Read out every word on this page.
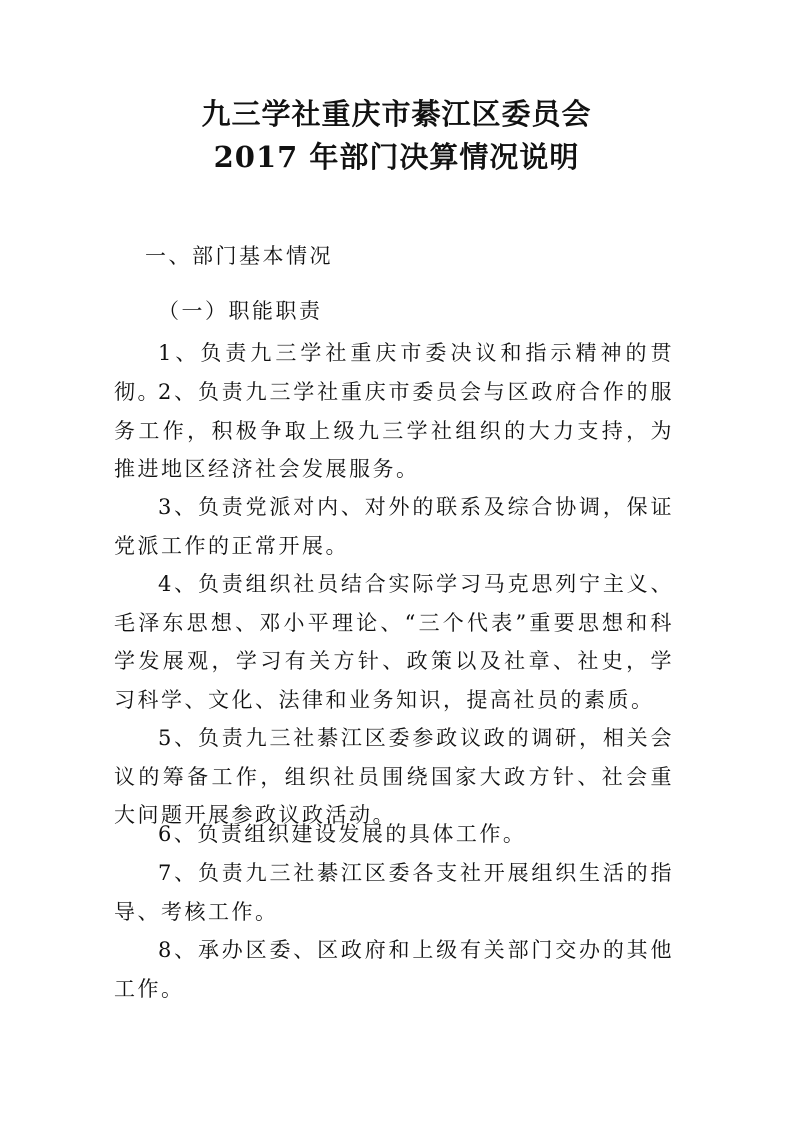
九三学社重庆市綦江区委员会
2017 年部门决算情况说明
一、部门基本情况
（一）职能职责

1、负责九三学社重庆市委决议和指示精神的贯彻。

2、负责九三学社重庆市委员会与区政府合作的服务工作，积极争取上级九三学社组织的大力支持，为推进地区经济社会发展服务。

3、负责党派对内、对外的联系及综合协调，保证党派工作的正常开展。

4、负责组织社员结合实际学习马克思列宁主义、毛泽东思想、邓小平理论、“三个代表”重要思想和科学发展观，学习有关方针、政策以及社章、社史，学习科学、文化、法律和业务知识，提高社员的素质。

5、负责九三社綦江区委参政议政的调研，相关会议的筹备工作，组织社员围绕国家大政方针、社会重大问题开展参政议政活动。

6、负责组织建设发展的具体工作。

7、负责九三社綦江区委各支社开展组织生活的指导、考核工作。

8、承办区委、区政府和上级有关部门交办的其他工作。
